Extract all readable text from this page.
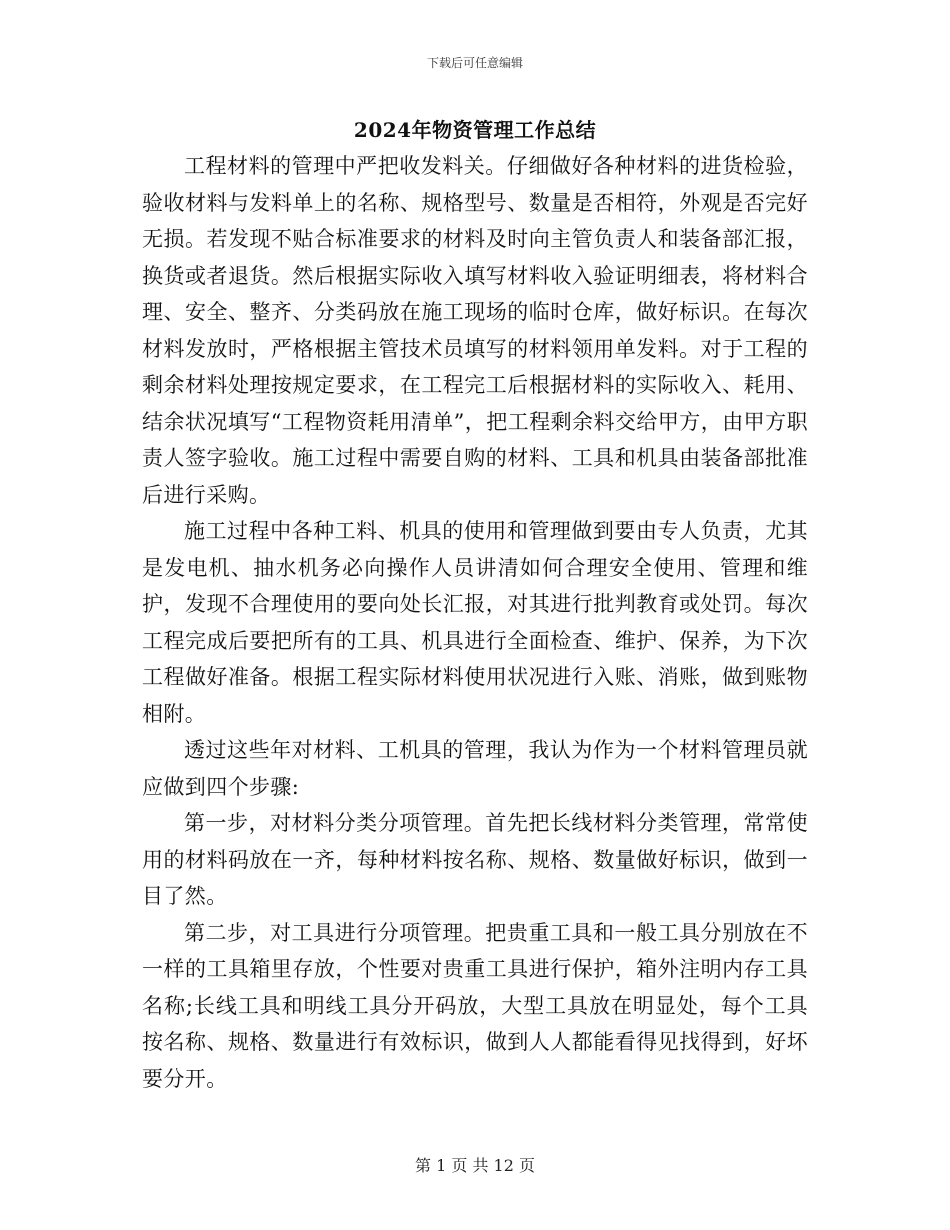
下载后可任意编辑
2024年物资管理工作总结

工程材料的管理中严把收发料关。仔细做好各种材料的进货检验，验收材料与发料单上的名称、规格型号、数量是否相符，外观是否完好无损。若发现不贴合标准要求的材料及时向主管负责人和装备部汇报，换货或者退货。然后根据实际收入填写材料收入验证明细表，将材料合理、安全、整齐、分类码放在施工现场的临时仓库，做好标识。在每次材料发放时，严格根据主管技术员填写的材料领用单发料。对于工程的剩余材料处理按规定要求，在工程完工后根据材料的实际收入、耗用、结余状况填写“工程物资耗用清单”，把工程剩余料交给甲方，由甲方职责人签字验收。施工过程中需要自购的材料、工具和机具由装备部批准后进行采购。

施工过程中各种工料、机具的使用和管理做到要由专人负责，尤其是发电机、抽水机务必向操作人员讲清如何合理安全使用、管理和维护，发现不合理使用的要向处长汇报，对其进行批判教育或处罚。每次工程完成后要把所有的工具、机具进行全面检查、维护、保养，为下次工程做好准备。根据工程实际材料使用状况进行入账、消账，做到账物相附。

透过这些年对材料、工机具的管理，我认为作为一个材料管理员就应做到四个步骤:

第一步，对材料分类分项管理。首先把长线材料分类管理，常常使用的材料码放在一齐，每种材料按名称、规格、数量做好标识，做到一目了然。

第二步，对工具进行分项管理。把贵重工具和一般工具分别放在不一样的工具箱里存放，个性要对贵重工具进行保护，箱外注明内存工具名称;长线工具和明线工具分开码放，大型工具放在明显处，每个工具按名称、规格、数量进行有效标识，做到人人都能看得见找得到，好坏要分开。

第 1 页 共 12 页
